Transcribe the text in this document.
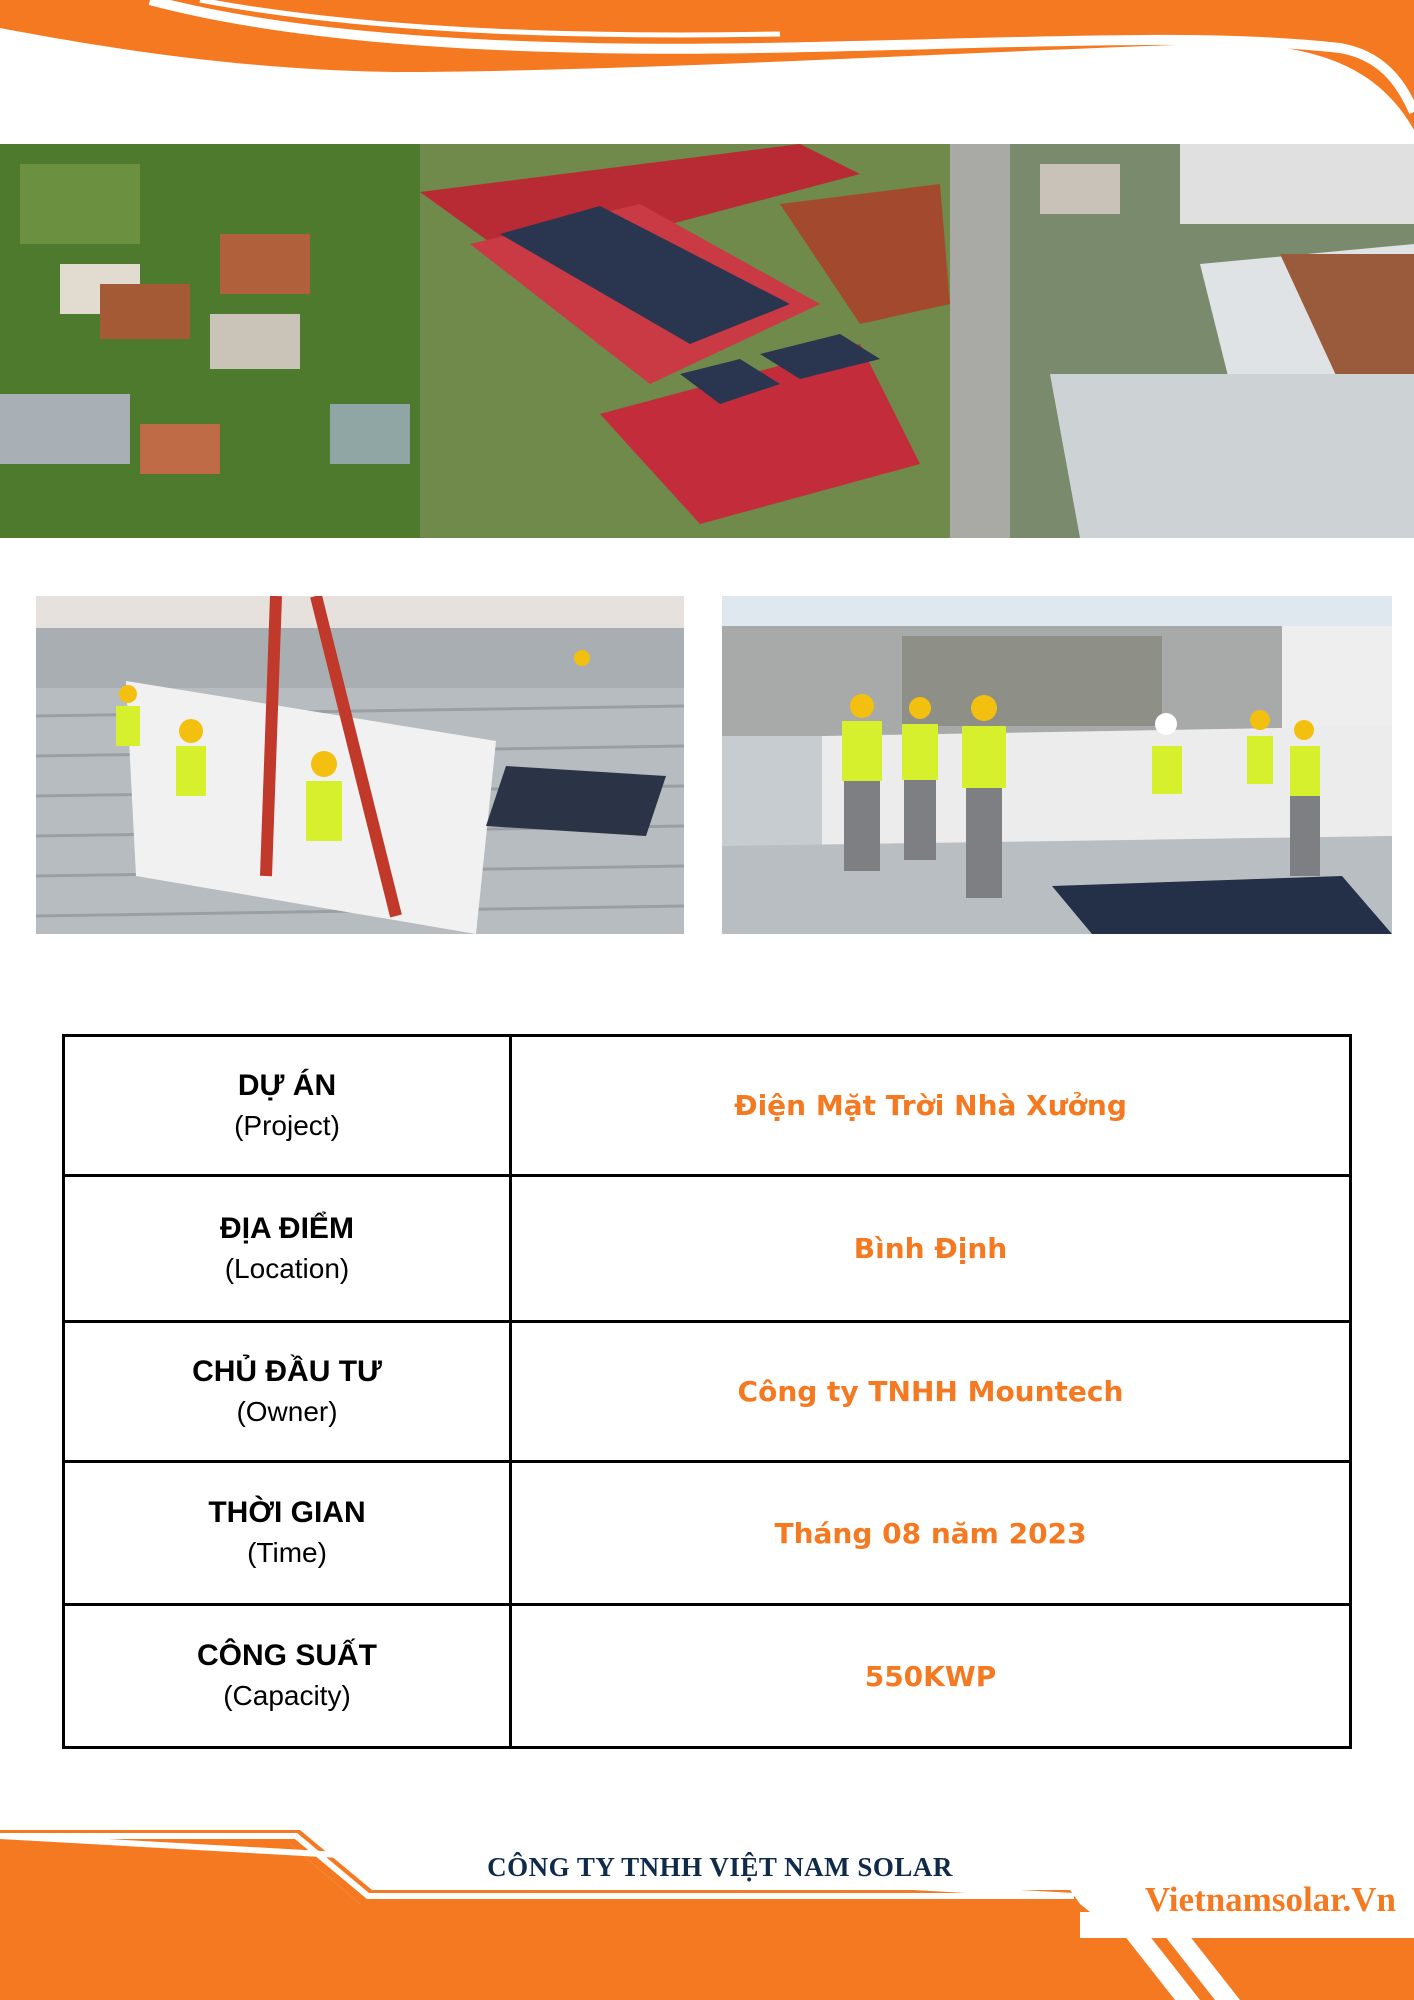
DỰ ÁN
(Project)	Điện Mặt Trời Nhà Xưởng

ĐỊA ĐIỂM
(Location)	Bình Định

CHỦ ĐẦU TƯ
(Owner)	Công ty TNHH Mountech

THỜI GIAN
(Time)	Tháng 08 năm 2023

CÔNG SUẤT
(Capacity)	550KWP
CÔNG TY TNHH VIỆT NAM SOLAR
Vietnamsolar.Vn
